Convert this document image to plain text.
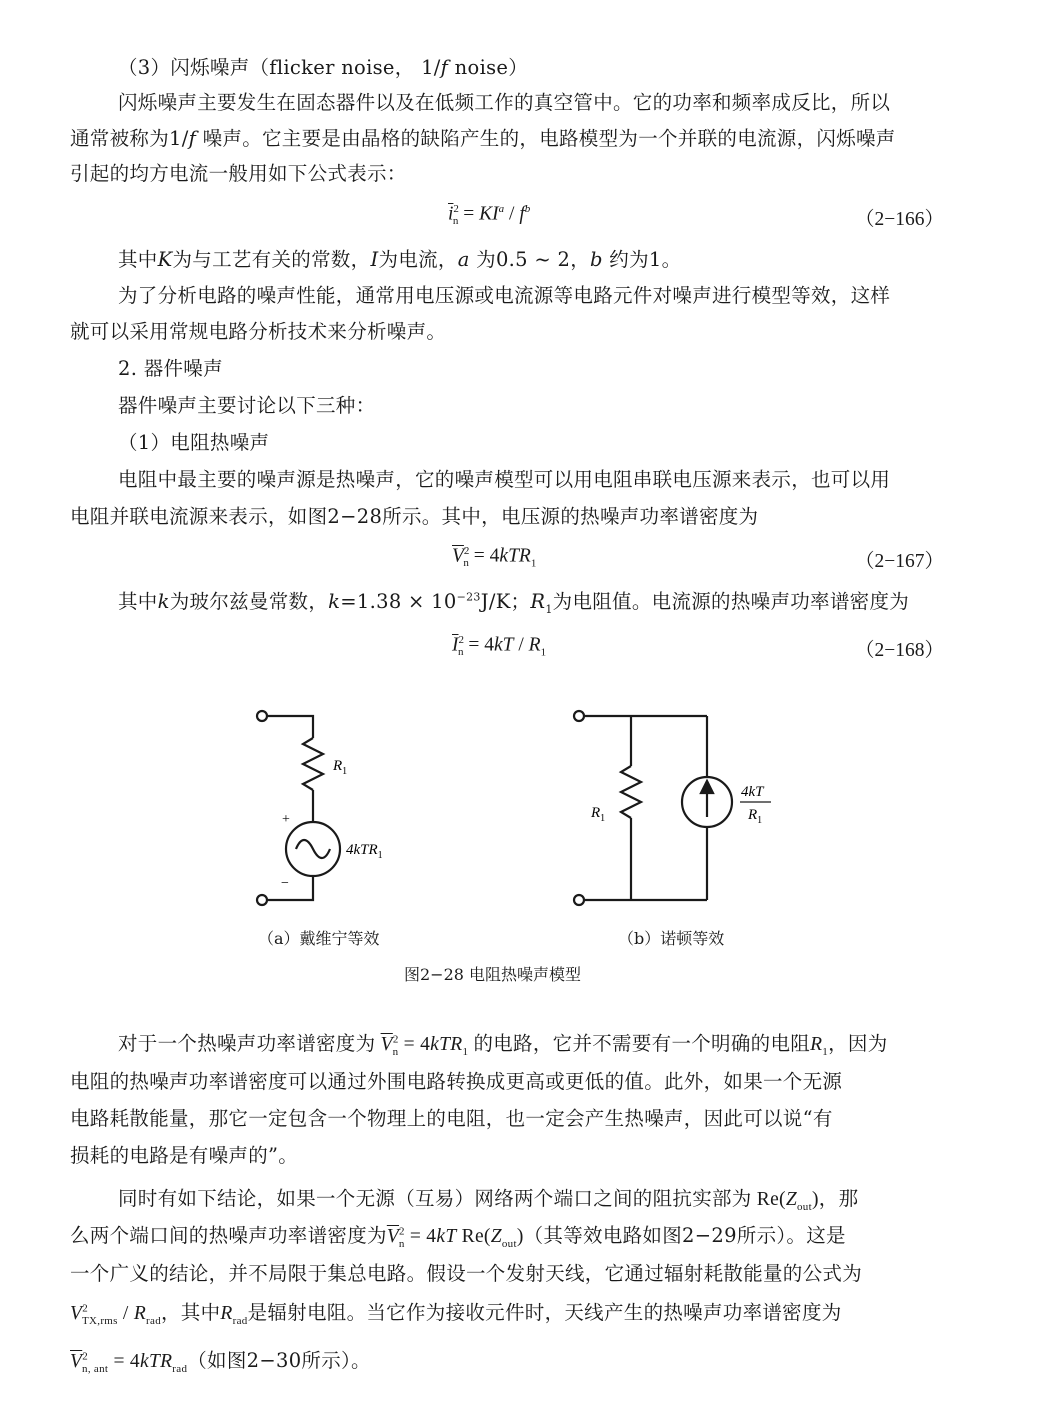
（3）闪烁噪声（flicker noise， 1/f noise）
闪烁噪声主要发生在固态器件以及在低频工作的真空管中。它的功率和频率成反比，所以
通常被称为1/f 噪声。它主要是由晶格的缺陷产生的，电路模型为一个并联的电流源，闪烁噪声
引起的均方电流一般用如下公式表示：
$\overline{i}^2_n = KI^a / f^b$	（2−166）
其中K为与工艺有关的常数，I为电流，a 为0.5 ~ 2，b 约为1。
为了分析电路的噪声性能，通常用电压源或电流源等电路元件对噪声进行模型等效，这样
就可以采用常规电路分析技术来分析噪声。
2. 器件噪声
器件噪声主要讨论以下三种：
（1）电阻热噪声
电阻中最主要的噪声源是热噪声，它的噪声模型可以用电阻串联电压源来表示，也可以用
电阻并联电流源来表示，如图2−28所示。其中，电压源的热噪声功率谱密度为
$\overline{V}^2_n = 4kTR_1$	（2−167）
其中k为玻尔兹曼常数，$k=1.38 \times 10^{-23}J/K$；$R_1$为电阻值。电流源的热噪声功率谱密度为
$\overline{I}^2_n = 4kT / R_1$	（2−168）
$R_1$
+
−
4kTR$_1$
$R_1$
4kT
$R_1$
（a）戴维宁等效	（b）诺顿等效
图2−28 电阻热噪声模型
对于一个热噪声功率谱密度为 $\overline{V}^2_n = 4kTR_1$ 的电路，它并不需要有一个明确的电阻$R_1$，因为
电阻的热噪声功率谱密度可以通过外围电路转换成更高或更低的值。此外，如果一个无源
电路耗散能量，那它一定包含一个物理上的电阻，也一定会产生热噪声，因此可以说“有
损耗的电路是有噪声的”。
同时有如下结论，如果一个无源（互易）网络两个端口之间的阻抗实部为 $Re(Z_{out})$，那
么两个端口间的热噪声功率谱密度为$\overline{V}^2_n = 4kT$ $Re(Z_{out})$（其等效电路如图2−29所示）。这是
一个广义的结论，并不局限于集总电路。假设一个发射天线，它通过辐射耗散能量的公式为
$V^2_{TX,rms} / R_{rad}$，其中$R_{rad}$是辐射电阻。当它作为接收元件时，天线产生的热噪声功率谱密度为
$\overline{V}^2_{n, ant} = 4kTR_{rad}$（如图2−30所示）。
